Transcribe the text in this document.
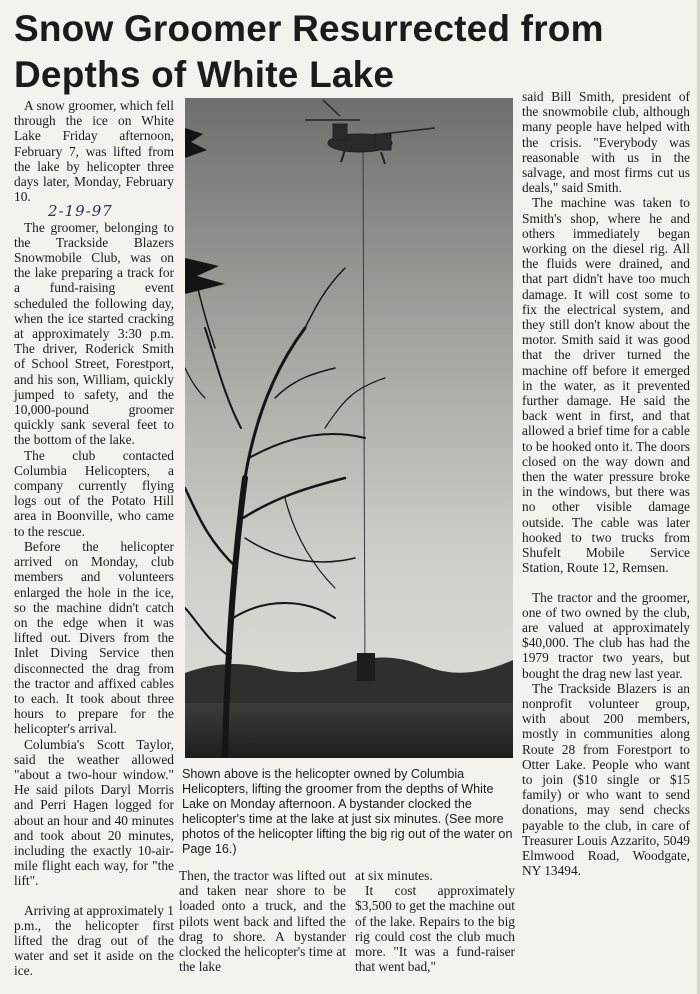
Snow Groomer Resurrected from Depths of White Lake

A snow groomer, which fell through the ice on White Lake Friday afternoon, February 7, was lifted from the lake by helicopter three days later, Monday, February 10.

2-19-97

The groomer, belonging to the Trackside Blazers Snowmobile Club, was on the lake preparing a track for a fund-raising event scheduled the following day, when the ice started cracking at approximately 3:30 p.m. The driver, Roderick Smith of School Street, Forestport, and his son, William, quickly jumped to safety, and the 10,000-pound groomer quickly sank several feet to the bottom of the lake.

The club contacted Columbia Helicopters, a company currently flying logs out of the Potato Hill area in Boonville, who came to the rescue.

Before the helicopter arrived on Monday, club members and volunteers enlarged the hole in the ice, so the machine didn't catch on the edge when it was lifted out. Divers from the Inlet Diving Service then disconnected the drag from the tractor and affixed cables to each. It took about three hours to prepare for the helicopter's arrival.

Columbia's Scott Taylor, said the weather allowed "about a two-hour window." He said pilots Daryl Morris and Perri Hagen logged for about an hour and 40 minutes and took about 20 minutes, including the exactly 10-air-mile flight each way, for "the lift".

Arriving at approximately 1 p.m., the helicopter first lifted the drag out of the water and set it aside on the ice.

Shown above is the helicopter owned by Columbia Helicopters, lifting the groomer from the depths of White Lake on Monday afternoon. A bystander clocked the helicopter's time at the lake at just six minutes. (See more photos of the helicopter lifting the big rig out of the water on Page 16.)

Then, the tractor was lifted out and taken near shore to be loaded onto a truck, and the pilots went back and lifted the drag to shore. A bystander clocked the helicopter's time at the lake

at six minutes.

It cost approximately $3,500 to get the machine out of the lake. Repairs to the big rig could cost the club much more. "It was a fund-raiser that went bad,"

said Bill Smith, president of the snowmobile club, although many people have helped with the crisis. "Everybody was reasonable with us in the salvage, and most firms cut us deals," said Smith.

The machine was taken to Smith's shop, where he and others immediately began working on the diesel rig. All the fluids were drained, and that part didn't have too much damage. It will cost some to fix the electrical system, and they still don't know about the motor. Smith said it was good that the driver turned the machine off before it emerged in the water, as it prevented further damage. He said the back went in first, and that allowed a brief time for a cable to be hooked onto it. The doors closed on the way down and then the water pressure broke in the windows, but there was no other visible damage outside. The cable was later hooked to two trucks from Shufelt Mobile Service Station, Route 12, Remsen.

The tractor and the groomer, one of two owned by the club, are valued at approximately $40,000. The club has had the 1979 tractor two years, but bought the drag new last year.

The Trackside Blazers is an nonprofit volunteer group, with about 200 members, mostly in communities along Route 28 from Forestport to Otter Lake. People who want to join ($10 single or $15 family) or who want to send donations, may send checks payable to the club, in care of Treasurer Louis Azzarito, 5049 Elmwood Road, Woodgate, NY 13494.
